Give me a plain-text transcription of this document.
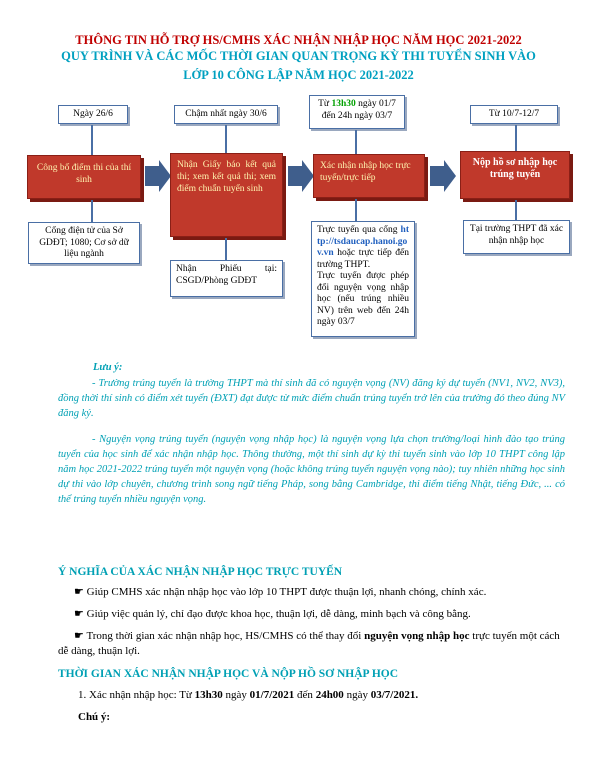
THÔNG TIN HỖ TRỢ HS/CMHS XÁC NHẬN NHẬP HỌC NĂM HỌC 2021-2022
QUY TRÌNH VÀ CÁC MỐC THỜI GIAN QUAN TRỌNG KỲ THI TUYỂN SINH VÀO
LỚP 10 CÔNG LẬP NĂM HỌC 2021-2022
Ngày 26/6
Công bố điểm thi của thí sinh
Cổng điện tử của Sở GDĐT; 1080; Cơ sở dữ liệu ngành
Chậm nhất ngày 30/6
Nhận Giấy báo kết quả thi; xem kết quả thi; xem điểm chuẩn tuyển sinh
Nhận Phiếu tại: CSGD/Phòng GDĐT
Từ 13h30 ngày 01/7
đến 24h ngày 03/7
Xác nhận nhập học trực tuyến/trực tiếp
Trực tuyến qua cổng http://tsdaucap.hanoi.gov.vn hoặc trực tiếp đến trường THPT.
Trực tuyến được phép đổi nguyện vọng nhập học (nếu trúng nhiều NV) trên web đến 24h ngày 03/7
Từ 10/7-12/7
Nộp hồ sơ nhập học trúng tuyển
Tại trường THPT đã xác nhận nhập học
Lưu ý:
- Trường trúng tuyển là trường THPT mà thí sinh đã có nguyện vọng (NV) đăng ký dự tuyển (NV1, NV2, NV3), đồng thời thí sinh có điểm xét tuyển (ĐXT) đạt được từ mức điểm chuẩn trúng tuyển trở lên của trường đó theo đúng NV đăng ký.
- Nguyện vọng trúng tuyển (nguyện vọng nhập học) là nguyện vọng lựa chọn trường/loại hình đào tạo trúng tuyển của học sinh để xác nhận nhập học. Thông thường, một thí sinh dự kỳ thi tuyển sinh vào lớp 10 THPT công lập năm học 2021-2022 trúng tuyển một nguyện vọng (hoặc không trúng tuyển nguyện vọng nào); tuy nhiên những học sinh dự thi vào lớp chuyên, chương trình song ngữ tiếng Pháp, song bằng Cambridge, thi điểm tiếng Nhật, tiếng Đức, ... có thể trúng tuyển nhiều nguyện vọng.
Ý NGHĨA CỦA XÁC NHẬN NHẬP HỌC TRỰC TUYẾN
☛ Giúp CMHS xác nhận nhập học vào lớp 10 THPT được thuận lợi, nhanh chóng, chính xác.
☛ Giúp việc quản lý, chỉ đạo được khoa học, thuận lợi, dễ dàng, minh bạch và công bằng.
☛ Trong thời gian xác nhận nhập học, HS/CMHS có thể thay đổi nguyện vọng nhập học trực tuyến một cách dễ dàng, thuận lợi.
THỜI GIAN XÁC NHẬN NHẬP HỌC VÀ NỘP HỒ SƠ NHẬP HỌC
1. Xác nhận nhập học: Từ 13h30 ngày 01/7/2021 đến 24h00 ngày 03/7/2021.
Chú ý:
